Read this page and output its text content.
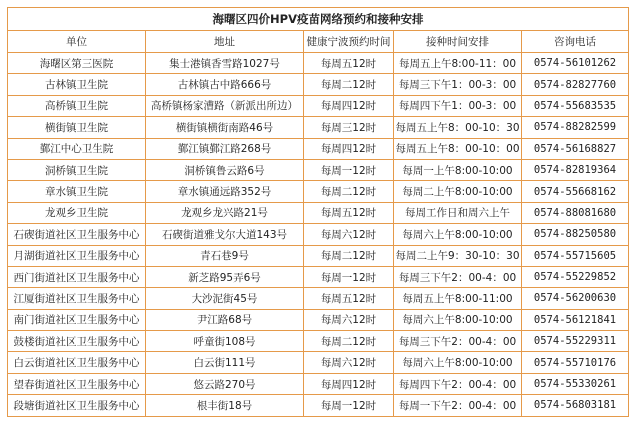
海曙区四价HPV疫苗网络预约和接种安排				
单位	地址	健康宁波预约时间	接种时间安排	咨询电话
海曙区第三医院	集士港镇香雪路1027号	每周五12时	每周五上午8:00-11：00	0574-56101262
古林镇卫生院	古林镇古中路666号	每周二12时	每周三下午1：00-3：00	0574-82827760
高桥镇卫生院	高桥镇杨家漕路（新派出所边）	每周四12时	每周四下午1：00-3：00	0574-55683535
横街镇卫生院	横街镇横街南路46号	每周三12时	每周五上午8：00-10：30	0574-88282599
鄞江中心卫生院	鄞江镇鄞江路268号	每周四12时	每周五上午8：00-10：00	0574-56168827
洞桥镇卫生院	洞桥镇鲁云路6号	每周一12时	每周一上午8:00-10:00	0574-82819364
章水镇卫生院	章水镇通远路352号	每周二12时	每周二上午8:00-10:00	0574-55668162
龙观乡卫生院	龙观乡龙兴路21号	每周五12时	每周工作日和周六上午	0574-88081680
石碶街道社区卫生服务中心	石碶街道雅戈尔大道143号	每周六12时	每周六上午8:00-10:00	0574-88250580
月湖街道社区卫生服务中心	青石巷9号	每周二12时	每周二上午9：30-10：30	0574-55715605
西门街道社区卫生服务中心	新芝路95弄6号	每周一12时	每周三下午2：00-4：00	0574-55229852
江厦街道社区卫生服务中心	大沙泥街45号	每周五12时	每周五上午8:00-11:00	0574-56200630
南门街道社区卫生服务中心	尹江路68号	每周六12时	每周六上午8:00-10:00	0574-56121841
鼓楼街道社区卫生服务中心	呼童街108号	每周二12时	每周三下午2：00-4：00	0574-55229311
白云街道社区卫生服务中心	白云街111号	每周六12时	每周六上午8:00-10:00	0574-55710176
望春街道社区卫生服务中心	悠云路270号	每周四12时	每周四下午2：00-4：00	0574-55330261
段塘街道社区卫生服务中心	根丰街18号	每周一12时	每周一下午2：00-4：00	0574-56803181
